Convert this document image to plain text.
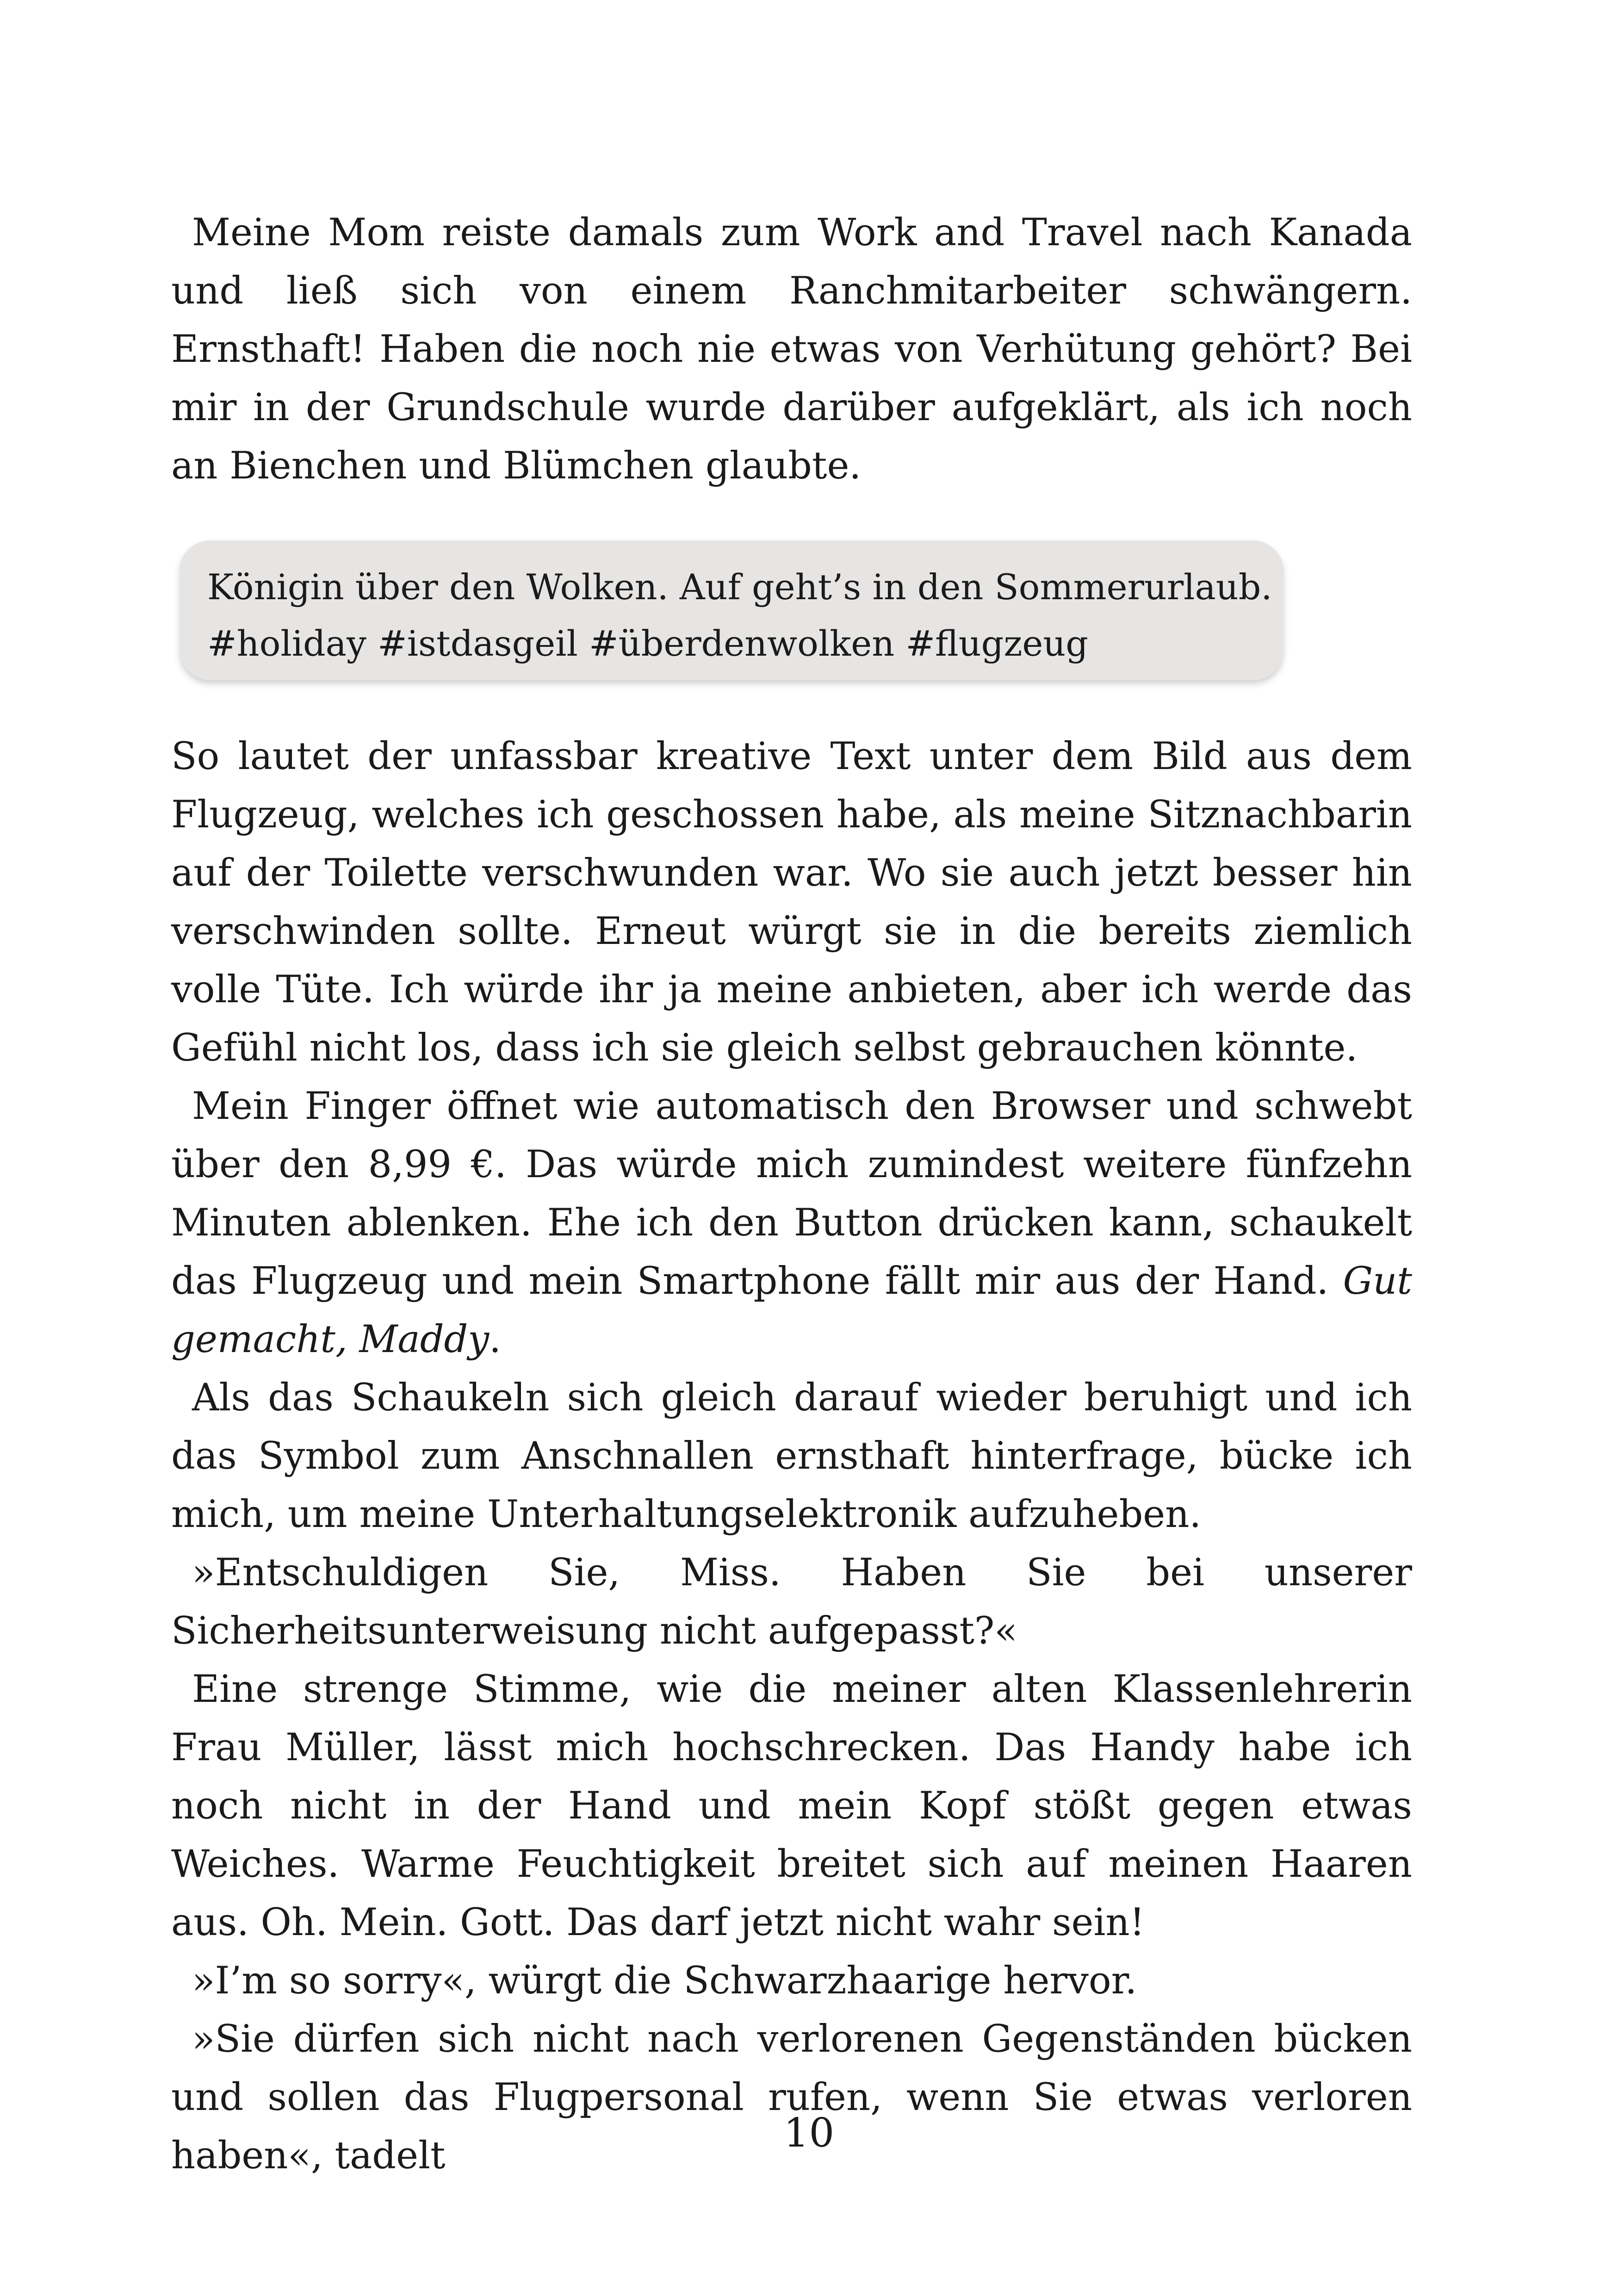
Meine Mom reiste damals zum Work and Travel nach Kanada und ließ sich von einem Ranchmitarbeiter schwängern. Ernsthaft! Haben die noch nie etwas von Verhütung gehört? Bei mir in der Grundschule wurde darüber aufgeklärt, als ich noch an Bienchen und Blümchen glaubte.

Königin über den Wolken. Auf geht’s in den Sommerurlaub.

#holiday #istdasgeil #überdenwolken #flugzeug

So lautet der unfassbar kreative Text unter dem Bild aus dem Flugzeug, welches ich geschossen habe, als meine Sitznachbarin auf der Toilette verschwunden war. Wo sie auch jetzt besser hin verschwinden sollte. Erneut würgt sie in die bereits ziemlich volle Tüte. Ich würde ihr ja meine anbieten, aber ich werde das Gefühl nicht los, dass ich sie gleich selbst gebrauchen könnte.

Mein Finger öffnet wie automatisch den Browser und schwebt über den 8,99 €. Das würde mich zumindest weitere fünfzehn Minuten ablenken. Ehe ich den Button drücken kann, schaukelt das Flugzeug und mein Smartphone fällt mir aus der Hand. Gut gemacht, Maddy.

Als das Schaukeln sich gleich darauf wieder beruhigt und ich das Symbol zum Anschnallen ernsthaft hinterfrage, bücke ich mich, um meine Unterhaltungselektronik aufzuheben.

»Entschuldigen Sie, Miss. Haben Sie bei unserer Sicherheitsunterweisung nicht aufgepasst?«

Eine strenge Stimme, wie die meiner alten Klassenlehrerin Frau Müller, lässt mich hochschrecken. Das Handy habe ich noch nicht in der Hand und mein Kopf stößt gegen etwas Weiches. Warme Feuchtigkeit breitet sich auf meinen Haaren aus. Oh. Mein. Gott. Das darf jetzt nicht wahr sein!

»I’m so sorry«, würgt die Schwarzhaarige hervor.

»Sie dürfen sich nicht nach verlorenen Gegenständen bücken und sollen das Flugpersonal rufen, wenn Sie etwas verloren haben«, tadelt	10
